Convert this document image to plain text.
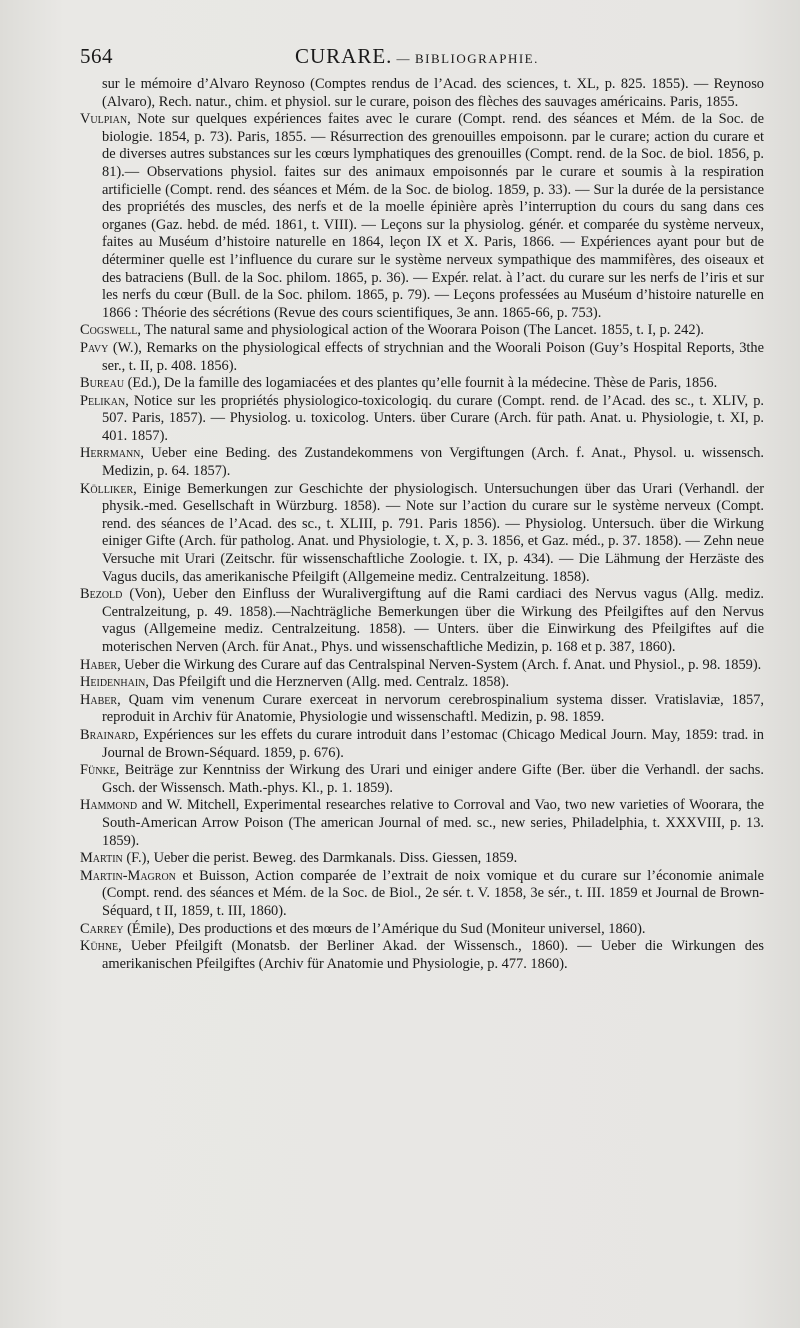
564	CURARE. — BIBLIOGRAPHIE.

sur le mémoire d’Alvaro Reynoso (Comptes rendus de l’Acad. des sciences, t. XL, p. 825. 1855). — Reynoso (Alvaro), Rech. natur., chim. et physiol. sur le curare, poison des flèches des sauvages américains. Paris, 1855.

Vulpian, Note sur quelques expériences faites avec le curare (Compt. rend. des séances et Mém. de la Soc. de biologie. 1854, p. 73). Paris, 1855. — Résurrection des grenouilles empoisonn. par le curare; action du curare et de diverses autres substances sur les cœurs lymphatiques des grenouilles (Compt. rend. de la Soc. de biol. 1856, p. 81).— Observations physiol. faites sur des animaux empoisonnés par le curare et soumis à la respiration artificielle (Compt. rend. des séances et Mém. de la Soc. de biolog. 1859, p. 33). — Sur la durée de la persistance des propriétés des muscles, des nerfs et de la moelle épinière après l’interruption du cours du sang dans ces organes (Gaz. hebd. de méd. 1861, t. VIII). — Leçons sur la physiolog. génér. et comparée du système nerveux, faites au Muséum d’histoire naturelle en 1864, leçon IX et X. Paris, 1866. — Expériences ayant pour but de déterminer quelle est l’influence du curare sur le système nerveux sympathique des mammifères, des oiseaux et des batraciens (Bull. de la Soc. philom. 1865, p. 36). — Expér. relat. à l’act. du curare sur les nerfs de l’iris et sur les nerfs du cœur (Bull. de la Soc. philom. 1865, p. 79). — Leçons professées au Muséum d’histoire naturelle en 1866 : Théorie des sécrétions (Revue des cours scientifiques, 3e ann. 1865-66, p. 753).

Cogswell, The natural same and physiological action of the Woorara Poison (The Lancet. 1855, t. I, p. 242).

Pavy (W.), Remarks on the physiological effects of strychnian and the Woorali Poison (Guy’s Hospital Reports, 3the ser., t. II, p. 408. 1856).

Bureau (Ed.), De la famille des logamiacées et des plantes qu’elle fournit à la médecine. Thèse de Paris, 1856.

Pelikan, Notice sur les propriétés physiologico-toxicologiq. du curare (Compt. rend. de l’Acad. des sc., t. XLIV, p. 507. Paris, 1857). — Physiolog. u. toxicolog. Unters. über Curare (Arch. für path. Anat. u. Physiologie, t. XI, p. 401. 1857).

Herrmann, Ueber eine Beding. des Zustandekommens von Vergiftungen (Arch. f. Anat., Physol. u. wissensch. Medizin, p. 64. 1857).

Kölliker, Einige Bemerkungen zur Geschichte der physiologisch. Untersuchungen über das Urari (Verhandl. der physik.-med. Gesellschaft in Würzburg. 1858). — Note sur l’action du curare sur le système nerveux (Compt. rend. des séances de l’Acad. des sc., t. XLIII, p. 791. Paris 1856). — Physiolog. Untersuch. über die Wirkung einiger Gifte (Arch. für patholog. Anat. und Physiologie, t. X, p. 3. 1856, et Gaz. méd., p. 37. 1858). — Zehn neue Versuche mit Urari (Zeitschr. für wissenschaftliche Zoologie. t. IX, p. 434). — Die Lähmung der Herzäste des Vagus ducils, das amerikanische Pfeilgift (Allgemeine mediz. Centralzeitung. 1858).

Bezold (Von), Ueber den Einfluss der Wuralivergiftung auf die Rami cardiaci des Nervus vagus (Allg. mediz. Centralzeitung, p. 49. 1858).—Nachträgliche Bemerkungen über die Wirkung des Pfeilgiftes auf den Nervus vagus (Allgemeine mediz. Centralzeitung. 1858). — Unters. über die Einwirkung des Pfeilgiftes auf die moterischen Nerven (Arch. für Anat., Phys. und wissenschaftliche Medizin, p. 168 et p. 387, 1860).

Haber, Ueber die Wirkung des Curare auf das Centralspinal Nerven-System (Arch. f. Anat. und Physiol., p. 98. 1859).

Heidenhain, Das Pfeilgift und die Herznerven (Allg. med. Centralz. 1858).

Haber, Quam vim venenum Curare exerceat in nervorum cerebrospinalium systema disser. Vratislaviæ, 1857, reproduit in Archiv für Anatomie, Physiologie und wissenschaftl. Medizin, p. 98. 1859.

Brainard, Expériences sur les effets du curare introduit dans l’estomac (Chicago Medical Journ. May, 1859: trad. in Journal de Brown-Séquard. 1859, p. 676).

Fünke, Beiträge zur Kenntniss der Wirkung des Urari und einiger andere Gifte (Ber. über die Verhandl. der sachs. Gsch. der Wissensch. Math.-phys. Kl., p. 1. 1859).

Hammond and W. Mitchell, Experimental researches relative to Corroval and Vao, two new varieties of Woorara, the South-American Arrow Poison (The american Journal of med. sc., new series, Philadelphia, t. XXXVIII, p. 13. 1859).

Martin (F.), Ueber die perist. Beweg. des Darmkanals. Diss. Giessen, 1859.

Martin-Magron et Buisson, Action comparée de l’extrait de noix vomique et du curare sur l’économie animale (Compt. rend. des séances et Mém. de la Soc. de Biol., 2e sér. t. V. 1858, 3e sér., t. III. 1859 et Journal de Brown-Séquard, t II, 1859, t. III, 1860).

Carrey (Émile), Des productions et des mœurs de l’Amérique du Sud (Moniteur universel, 1860).

Kühne, Ueber Pfeilgift (Monatsb. der Berliner Akad. der Wissensch., 1860). — Ueber die Wirkungen des amerikanischen Pfeilgiftes (Archiv für Anatomie und Physiologie, p. 477. 1860).
